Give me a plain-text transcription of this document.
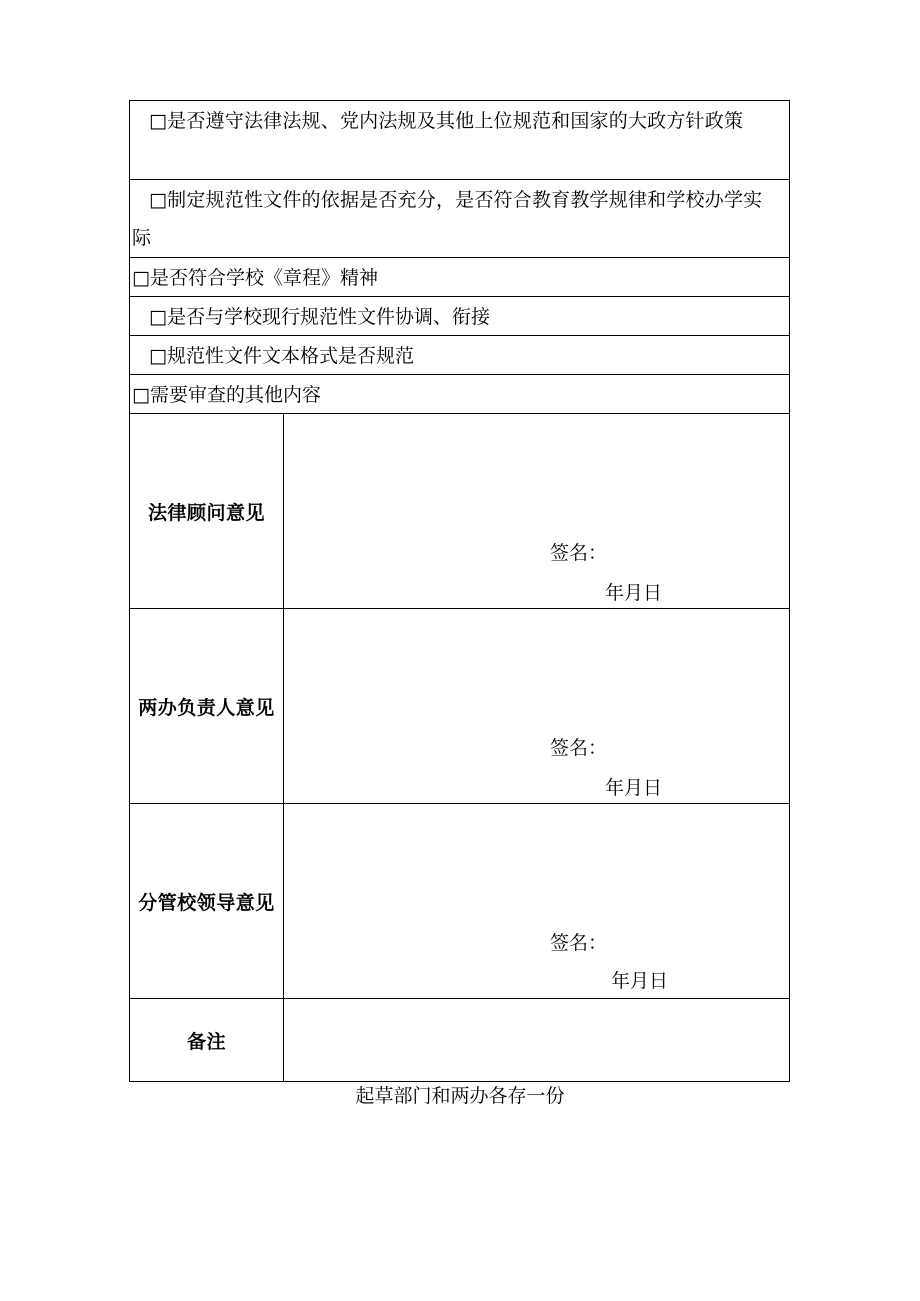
□是否遵守法律法规、党内法规及其他上位规范和国家的大政方针政策
□制定规范性文件的依据是否充分，是否符合教育教学规律和学校办学实际
□是否符合学校《章程》精神
□是否与学校现行规范性文件协调、衔接
□规范性文件文本格式是否规范
□需要审查的其他内容
法律顾问意见
签名：
年月日
两办负责人意见
签名：
年月日
分管校领导意见
签名：
年月日
备注
起草部门和两办各存一份
